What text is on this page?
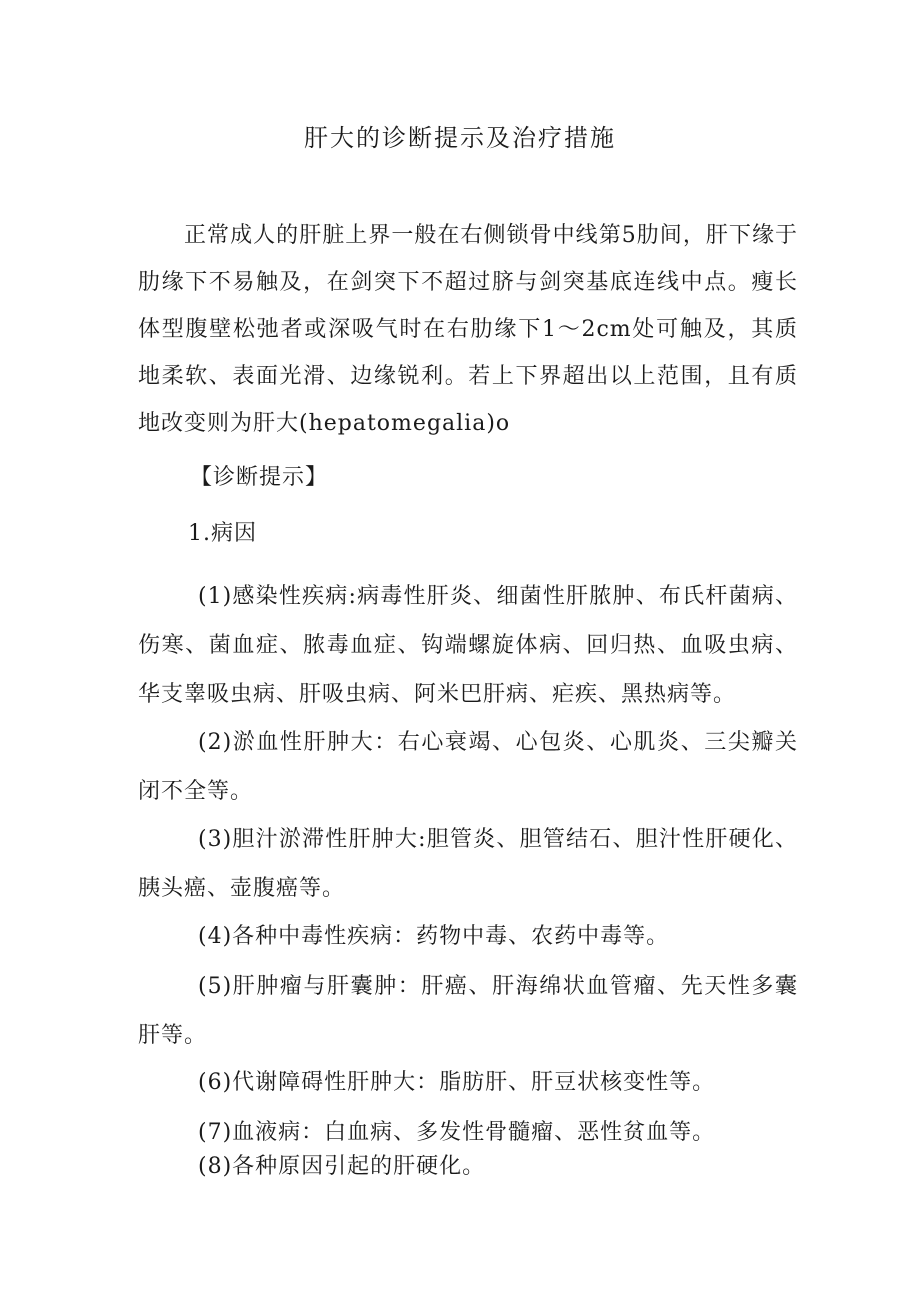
肝大的诊断提示及治疗措施

正常成人的肝脏上界一般在右侧锁骨中线第5肋间，肝下缘于肋缘下不易触及，在剑突下不超过脐与剑突基底连线中点。瘦长体型腹壁松弛者或深吸气时在右肋缘下1～2cm处可触及，其质地柔软、表面光滑、边缘锐利。若上下界超出以上范围，且有质地改变则为肝大(hepatomegalia)o

【诊断提示】

1.病因

(1)感染性疾病:病毒性肝炎、细菌性肝脓肿、布氏杆菌病、伤寒、菌血症、脓毒血症、钩端螺旋体病、回归热、血吸虫病、华支睾吸虫病、肝吸虫病、阿米巴肝病、疟疾、黑热病等。

(2)淤血性肝肿大：右心衰竭、心包炎、心肌炎、三尖瓣关闭不全等。

(3)胆汁淤滞性肝肿大:胆管炎、胆管结石、胆汁性肝硬化、胰头癌、壶腹癌等。

(4)各种中毒性疾病：药物中毒、农药中毒等。

(5)肝肿瘤与肝囊肿：肝癌、肝海绵状血管瘤、先天性多囊肝等。

(6)代谢障碍性肝肿大：脂肪肝、肝豆状核变性等。

(7)血液病：白血病、多发性骨髓瘤、恶性贫血等。

(8)各种原因引起的肝硬化。
